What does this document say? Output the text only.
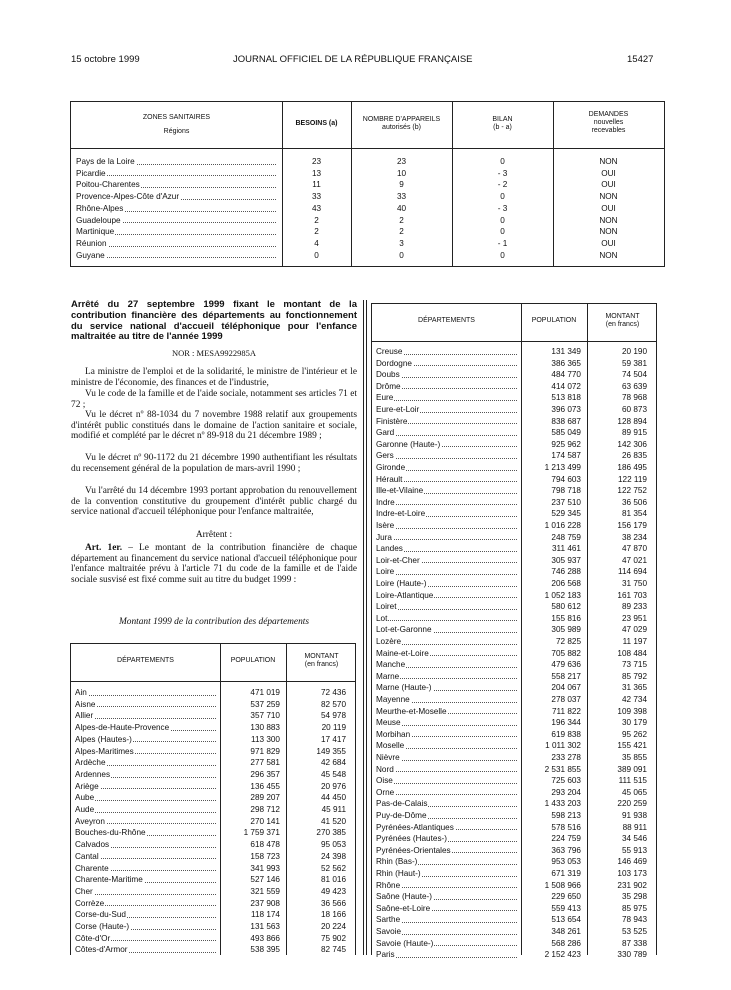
15 octobre 1999	JOURNAL OFFICIEL DE LA RÉPUBLIQUE FRANÇAISE	15427
ZONES SANITAIRES
Régions
BESOINS (a)
NOMBRE D'APPAREILS
autorisés (b)
BILAN
(b - a)
DEMANDES
nouvelles
recevables
Pays de la Loire	23	23	0	NON
Picardie	13	10	- 3	OUI
Poitou-Charentes	11	9	- 2	OUI
Provence-Alpes-Côte d'Azur	33	33	0	NON
Rhône-Alpes	43	40	- 3	OUI
Guadeloupe	2	2	0	NON
Martinique	2	2	0	NON
Réunion	4	3	- 1	OUI
Guyane	0	0	0	NON
Arrêté du 27 septembre 1999 fixant le montant de la contribution financière des départements au fonctionnement du service national d'accueil téléphonique pour l'enfance maltraitée au titre de l'année 1999
NOR : MESA9922985A
La ministre de l'emploi et de la solidarité, le ministre de l'intérieur et le ministre de l'économie, des finances et de l'industrie,
Vu le code de la famille et de l'aide sociale, notamment ses articles 71 et 72 ;
Vu le décret nº 88-1034 du 7 novembre 1988 relatif aux groupements d'intérêt public constitués dans le domaine de l'action sanitaire et sociale, modifié et complété par le décret nº 89-918 du 21 décembre 1989 ;
Vu le décret nº 90-1172 du 21 décembre 1990 authentifiant les résultats du recensement général de la population de mars-avril 1990 ;
Vu l'arrêté du 14 décembre 1993 portant approbation du renouvellement de la convention constitutive du groupement d'intérêt public chargé du service national d'accueil téléphonique pour l'enfance maltraitée,
Arrêtent :
Art. 1er. – Le montant de la contribution financière de chaque département au financement du service national d'accueil téléphonique pour l'enfance maltraitée prévu à l'article 71 du code de la famille et de l'aide sociale susvisé est fixé comme suit au titre du budget 1999 :
Montant 1999 de la contribution des départements
DÉPARTEMENTS	POPULATION
MONTANT
(en francs)
Ain	471 019	72 436
Aisne	537 259	82 570
Allier	357 710	54 978
Alpes-de-Haute-Provence	130 883	20 119
Alpes (Hautes-)	113 300	17 417
Alpes-Maritimes	971 829	149 355
Ardèche	277 581	42 684
Ardennes	296 357	45 548
Ariège	136 455	20 976
Aube	289 207	44 450
Aude	298 712	45 911
Aveyron	270 141	41 520
Bouches-du-Rhône	1 759 371	270 385
Calvados	618 478	95 053
Cantal	158 723	24 398
Charente	341 993	52 562
Charente-Maritime	527 146	81 016
Cher	321 559	49 423
Corrèze	237 908	36 566
Corse-du-Sud	118 174	18 166
Corse (Haute-)	131 563	20 224
Côte-d'Or	493 866	75 902
Côtes-d'Armor	538 395	82 745
DÉPARTEMENTS	POPULATION
MONTANT
(en francs)
Creuse	131 349	20 190
Dordogne	386 365	59 381
Doubs	484 770	74 504
Drôme	414 072	63 639
Eure	513 818	78 968
Eure-et-Loir	396 073	60 873
Finistère	838 687	128 894
Gard	585 049	89 915
Garonne (Haute-)	925 962	142 306
Gers	174 587	26 835
Gironde	1 213 499	186 495
Hérault	794 603	122 119
Ille-et-Vilaine	798 718	122 752
Indre	237 510	36 506
Indre-et-Loire	529 345	81 354
Isère	1 016 228	156 179
Jura	248 759	38 234
Landes	311 461	47 870
Loir-et-Cher	305 937	47 021
Loire	746 288	114 694
Loire (Haute-)	206 568	31 750
Loire-Atlantique	1 052 183	161 703
Loiret	580 612	89 233
Lot	155 816	23 951
Lot-et-Garonne	305 989	47 029
Lozère	72 825	11 197
Maine-et-Loire	705 882	108 484
Manche	479 636	73 715
Marne	558 217	85 792
Marne (Haute-)	204 067	31 365
Mayenne	278 037	42 734
Meurthe-et-Moselle	711 822	109 398
Meuse	196 344	30 179
Morbihan	619 838	95 262
Moselle	1 011 302	155 421
Nièvre	233 278	35 855
Nord	2 531 855	389 091
Oise	725 603	111 515
Orne	293 204	45 065
Pas-de-Calais	1 433 203	220 259
Puy-de-Dôme	598 213	91 938
Pyrénées-Atlantiques	578 516	88 911
Pyrénées (Hautes-)	224 759	34 546
Pyrénées-Orientales	363 796	55 913
Rhin (Bas-)	953 053	146 469
Rhin (Haut-)	671 319	103 173
Rhône	1 508 966	231 902
Saône (Haute-)	229 650	35 298
Saône-et-Loire	559 413	85 975
Sarthe	513 654	78 943
Savoie	348 261	53 525
Savoie (Haute-)	568 286	87 338
Paris	2 152 423	330 789
